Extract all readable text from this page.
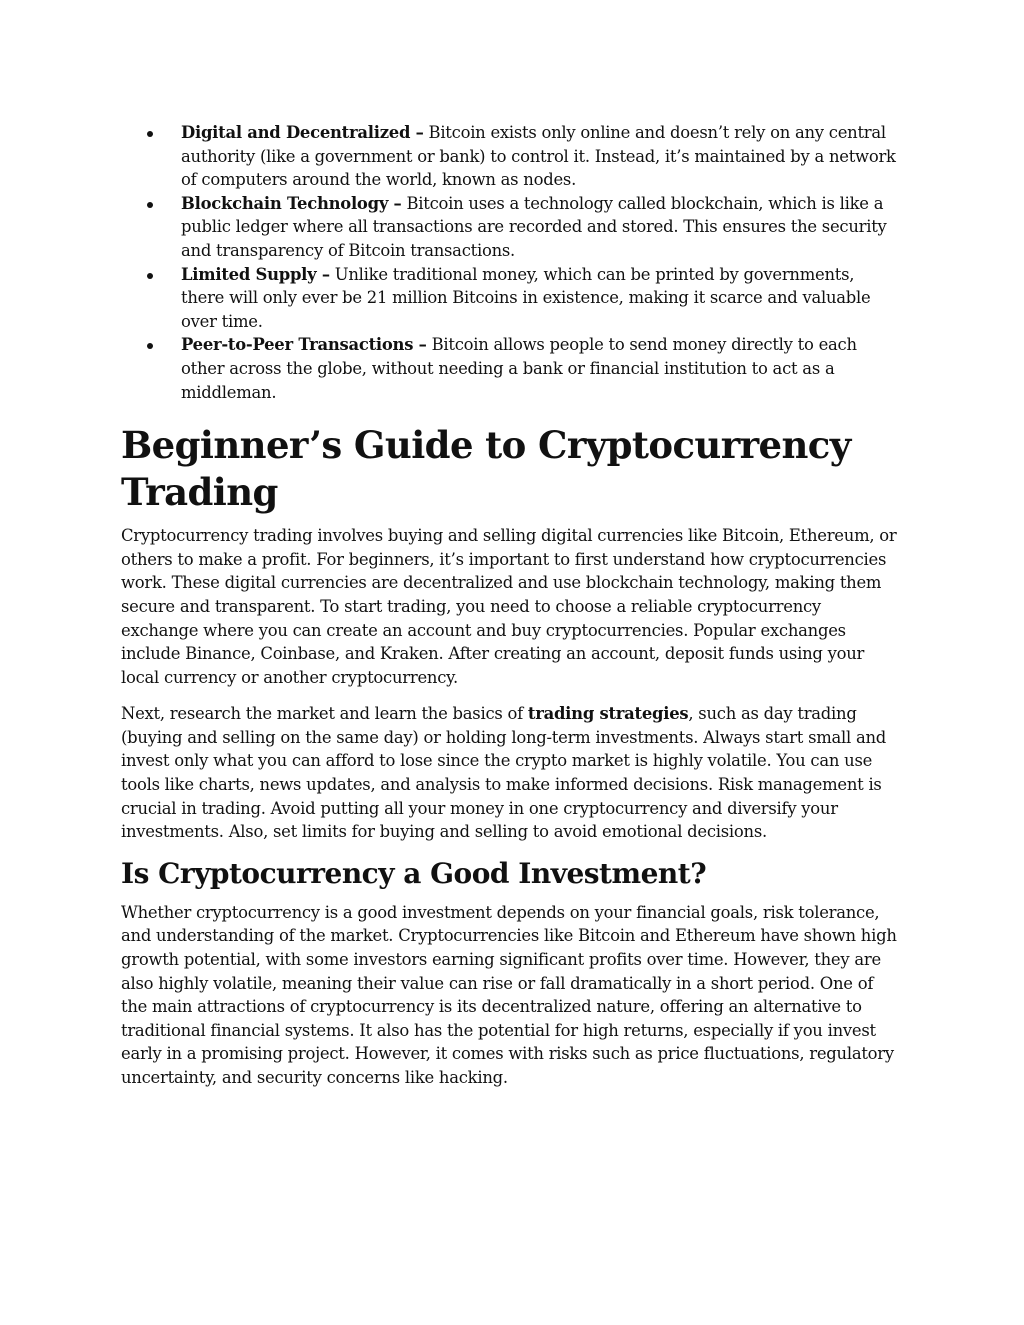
Digital and Decentralized – Bitcoin exists only online and doesn’t rely on any central authority (like a government or bank) to control it. Instead, it’s maintained by a network of computers around the world, known as nodes.
Blockchain Technology – Bitcoin uses a technology called blockchain, which is like a public ledger where all transactions are recorded and stored. This ensures the security and transparency of Bitcoin transactions.
Limited Supply – Unlike traditional money, which can be printed by governments, there will only ever be 21 million Bitcoins in existence, making it scarce and valuable over time.
Peer-to-Peer Transactions – Bitcoin allows people to send money directly to each other across the globe, without needing a bank or financial institution to act as a middleman.
Beginner’s Guide to Cryptocurrency Trading

Cryptocurrency trading involves buying and selling digital currencies like Bitcoin, Ethereum, or others to make a profit. For beginners, it’s important to first understand how cryptocurrencies work. These digital currencies are decentralized and use blockchain technology, making them secure and transparent. To start trading, you need to choose a reliable cryptocurrency exchange where you can create an account and buy cryptocurrencies. Popular exchanges include Binance, Coinbase, and Kraken. After creating an account, deposit funds using your local currency or another cryptocurrency.

Next, research the market and learn the basics of trading strategies, such as day trading (buying and selling on the same day) or holding long-term investments. Always start small and invest only what you can afford to lose since the crypto market is highly volatile. You can use tools like charts, news updates, and analysis to make informed decisions. Risk management is crucial in trading. Avoid putting all your money in one cryptocurrency and diversify your investments. Also, set limits for buying and selling to avoid emotional decisions.

Is Cryptocurrency a Good Investment?

Whether cryptocurrency is a good investment depends on your financial goals, risk tolerance, and understanding of the market. Cryptocurrencies like Bitcoin and Ethereum have shown high growth potential, with some investors earning significant profits over time. However, they are also highly volatile, meaning their value can rise or fall dramatically in a short period. One of the main attractions of cryptocurrency is its decentralized nature, offering an alternative to traditional financial systems. It also has the potential for high returns, especially if you invest early in a promising project. However, it comes with risks such as price fluctuations, regulatory uncertainty, and security concerns like hacking.
